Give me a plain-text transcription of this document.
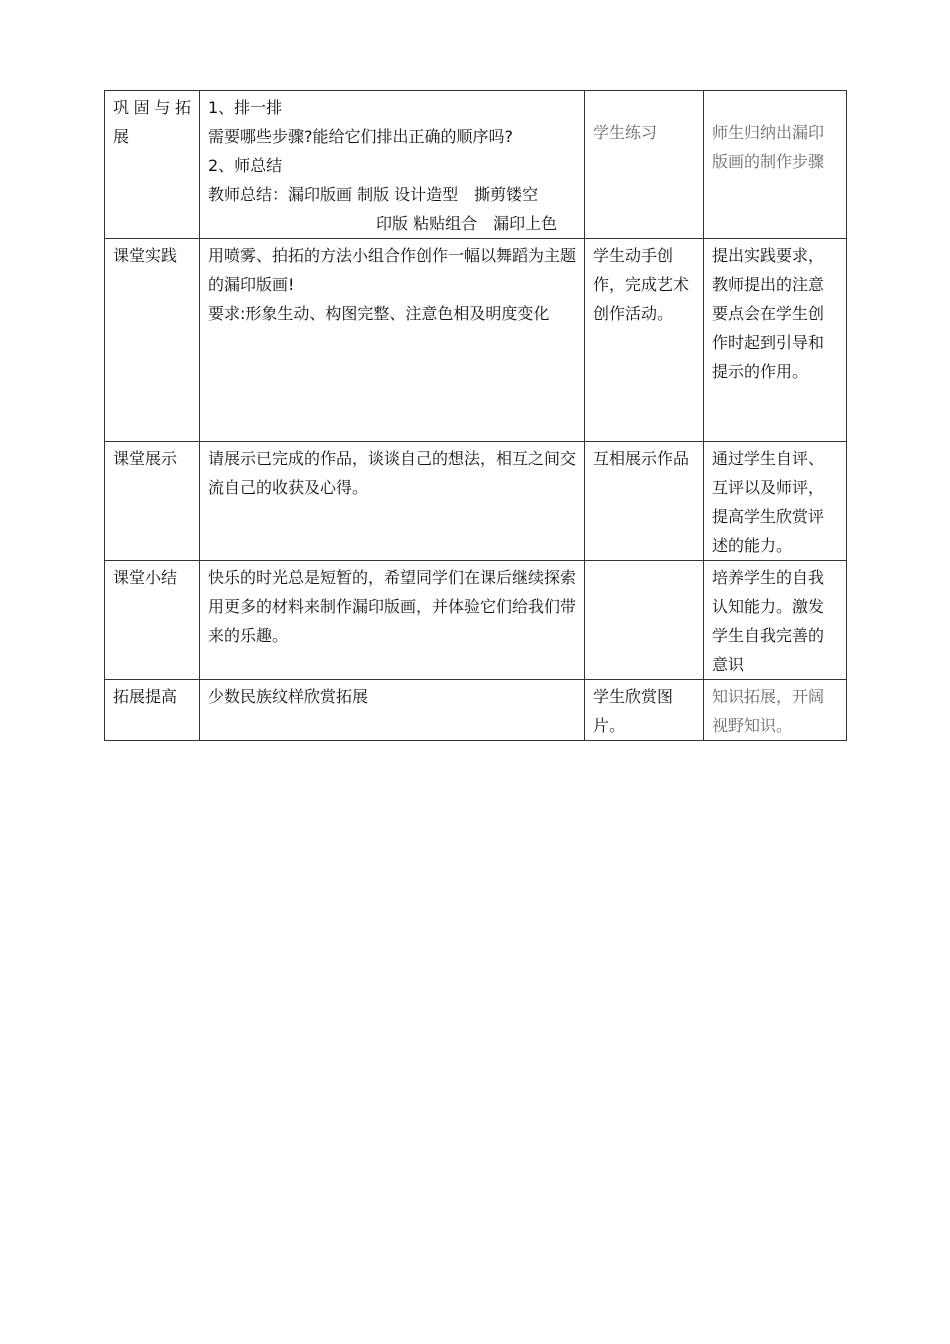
巩固与拓展	1、排一排
需要哪些步骤?能给它们排出正确的顺序吗?
2、师总结
教师总结：漏印版画 制版 设计造型　撕剪镂空
印版 粘贴组合　漏印上色	学生练习	师生归纳出漏印版画的制作步骤
课堂实践	用喷雾、拍拓的方法小组合作创作一幅以舞蹈为主题的漏印版画!
要求:形象生动、构图完整、注意色相及明度变化	学生动手创作，完成艺术创作活动。	提出实践要求，教师提出的注意要点会在学生创作时起到引导和提示的作用。
课堂展示	请展示已完成的作品，谈谈自己的想法，相互之间交流自己的收获及心得。	互相展示作品	通过学生自评、互评以及师评，提高学生欣赏评述的能力。
课堂小结	快乐的时光总是短暂的，希望同学们在课后继续探索用更多的材料来制作漏印版画，并体验它们给我们带来的乐趣。		培养学生的自我认知能力。激发学生自我完善的意识
拓展提高	少数民族纹样欣赏拓展	学生欣赏图片。	知识拓展，开阔视野知识。
